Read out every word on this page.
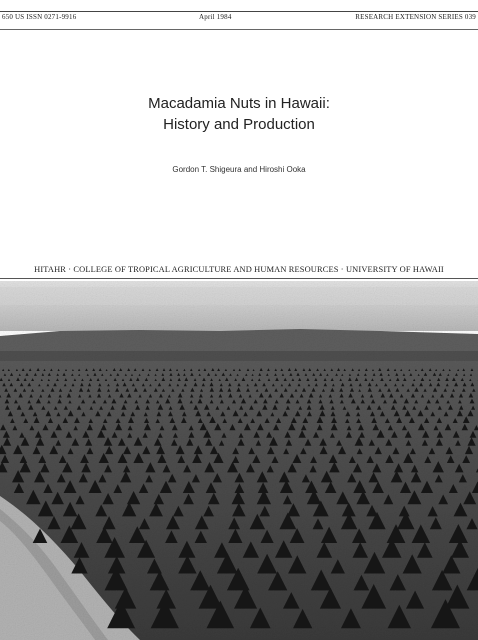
650 US ISSN 0271-9916	April 1984	RESEARCH EXTENSION SERIES 039
Macadamia Nuts in Hawaii:
History and Production
Gordon T. Shigeura and Hiroshi Ooka
HITAHR · COLLEGE OF TROPICAL AGRICULTURE AND HUMAN RESOURCES · UNIVERSITY OF HAWAII
